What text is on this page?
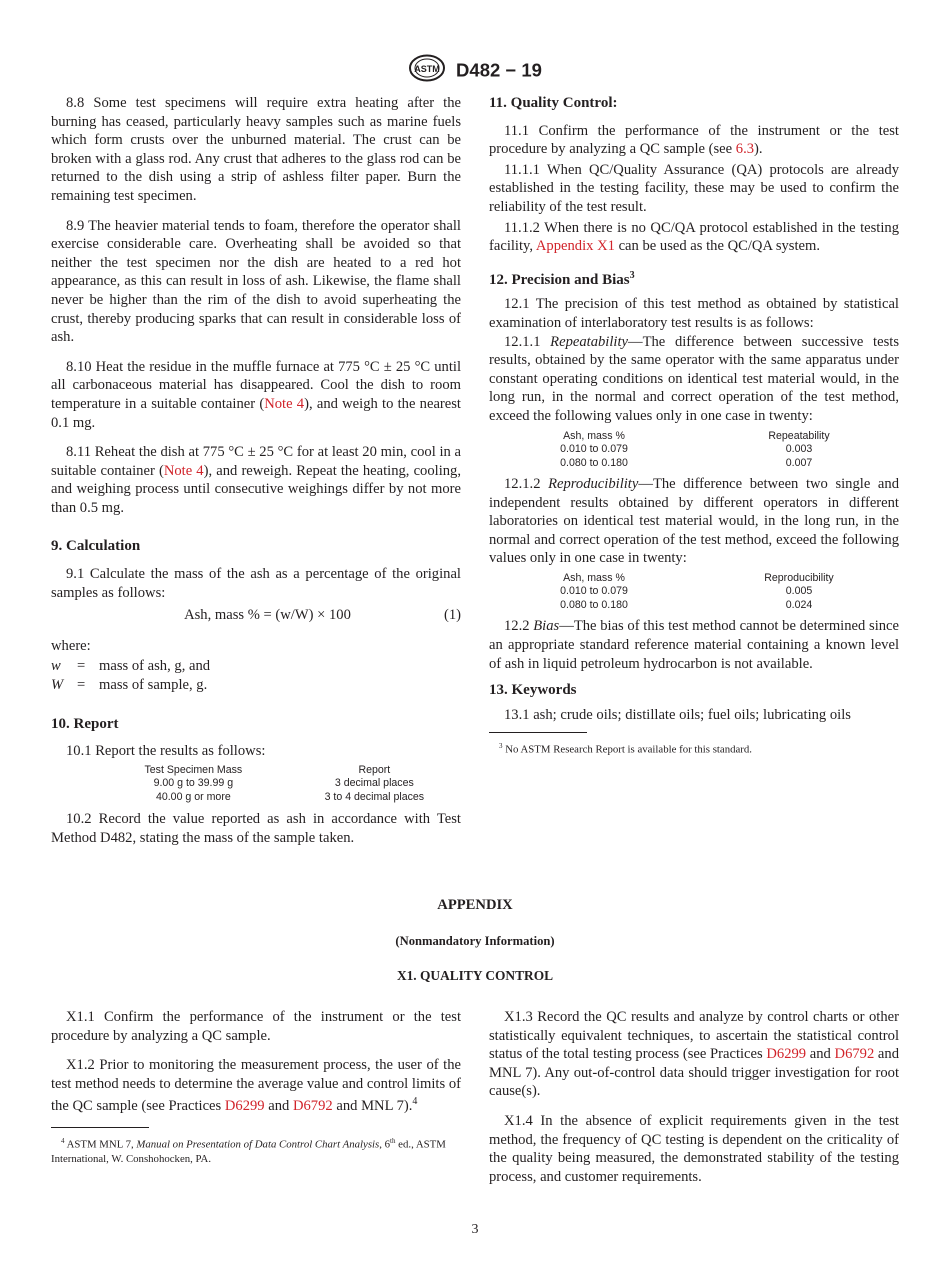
ASTM D482 − 19

8.8 Some test specimens will require extra heating after the burning has ceased, particularly heavy samples such as marine fuels which form crusts over the unburned material. The crust can be broken with a glass rod. Any crust that adheres to the glass rod can be returned to the dish using a strip of ashless filter paper. Burn the remaining test specimen.

8.9 The heavier material tends to foam, therefore the operator shall exercise considerable care. Overheating shall be avoided so that neither the test specimen nor the dish are heated to a red hot appearance, as this can result in loss of ash. Likewise, the flame shall never be higher than the rim of the dish to avoid superheating the crust, thereby producing sparks that can result in considerable loss of ash.

8.10 Heat the residue in the muffle furnace at 775 °C ± 25 °C until all carbonaceous material has disappeared. Cool the dish to room temperature in a suitable container (Note 4), and weigh to the nearest 0.1 mg.

8.11 Reheat the dish at 775 °C ± 25 °C for at least 20 min, cool in a suitable container (Note 4), and reweigh. Repeat the heating, cooling, and weighing process until consecutive weighings differ by not more than 0.5 mg.

9. Calculation

9.1 Calculate the mass of the ash as a percentage of the original samples as follows:

Ash, mass % = (w/W) × 100	(1)
where:
w	= mass of ash, g, and
W = mass of sample, g.
10. Report

10.1 Report the results as follows:

Test Specimen Mass	Report
9.00 g to 39.99 g	3 decimal places
40.00 g or more	3 to 4 decimal places

10.2 Record the value reported as ash in accordance with Test Method D482, stating the mass of the sample taken.

11. Quality Control:

11.1 Confirm the performance of the instrument or the test procedure by analyzing a QC sample (see 6.3).

11.1.1 When QC/Quality Assurance (QA) protocols are already established in the testing facility, these may be used to confirm the reliability of the test result.

11.1.2 When there is no QC/QA protocol established in the testing facility, Appendix X1 can be used as the QC/QA system.

12. Precision and Bias$^3$

12.1 The precision of this test method as obtained by statistical examination of interlaboratory test results is as follows:

12.1.1 Repeatability—The difference between successive tests results, obtained by the same operator with the same apparatus under constant operating conditions on identical test material would, in the long run, in the normal and correct operation of the test method, exceed the following values only in one case in twenty:

Ash, mass %	Repeatability
0.010 to 0.079	0.003
0.080 to 0.180	0.007

12.1.2 Reproducibility—The difference between two single and independent results obtained by different operators in different laboratories on identical test material would, in the long run, in the normal and correct operation of the test method, exceed the following values only in one case in twenty:

Ash, mass %	Reproducibility
0.010 to 0.079	0.005
0.080 to 0.180	0.024

12.2 Bias—The bias of this test method cannot be determined since an appropriate standard reference material containing a known level of ash in liquid petroleum hydrocarbon is not available.

13. Keywords

13.1 ash; crude oils; distillate oils; fuel oils; lubricating oils

$^3$ No ASTM Research Report is available for this standard.
APPENDIX
(Nonmandatory Information)
X1. QUALITY CONTROL

X1.1 Confirm the performance of the instrument or the test procedure by analyzing a QC sample.

X1.2 Prior to monitoring the measurement process, the user of the test method needs to determine the average value and control limits of the QC sample (see Practices D6299 and D6792 and MNL 7).$^4$

$^4$ ASTM MNL 7, Manual on Presentation of Data Control Chart Analysis, 6th ed., ASTM International, W. Conshohocken, PA.

X1.3 Record the QC results and analyze by control charts or other statistically equivalent techniques, to ascertain the statistical control status of the total testing process (see Practices D6299 and D6792 and MNL 7). Any out-of-control data should trigger investigation for root cause(s).

X1.4 In the absence of explicit requirements given in the test method, the frequency of QC testing is dependent on the criticality of the quality being measured, the demonstrated stability of the testing process, and customer requirements.

3
